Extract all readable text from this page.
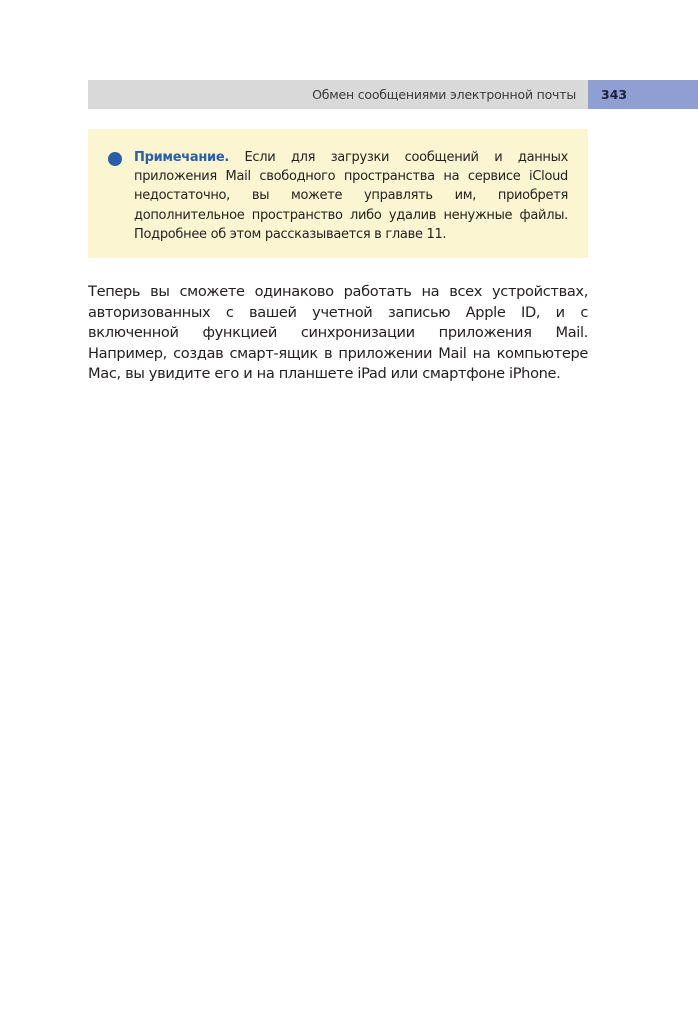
Обмен сообщениями электронной почты 343
Примечание. Если для загрузки сообщений и данных приложения Mail свободного пространства на сервисе iCloud недостаточно, вы можете управлять им, приобретя дополнительное пространство либо удалив ненужные файлы. Подробнее об этом рассказывается в главе 11.

Теперь вы сможете одинаково работать на всех устройствах, авторизованных с вашей учетной записью Apple ID, и с включенной функцией синхронизации приложения Mail. Например, создав смарт-ящик в приложении Mail на компьютере Mac, вы увидите его и на планшете iPad или смартфоне iPhone.
